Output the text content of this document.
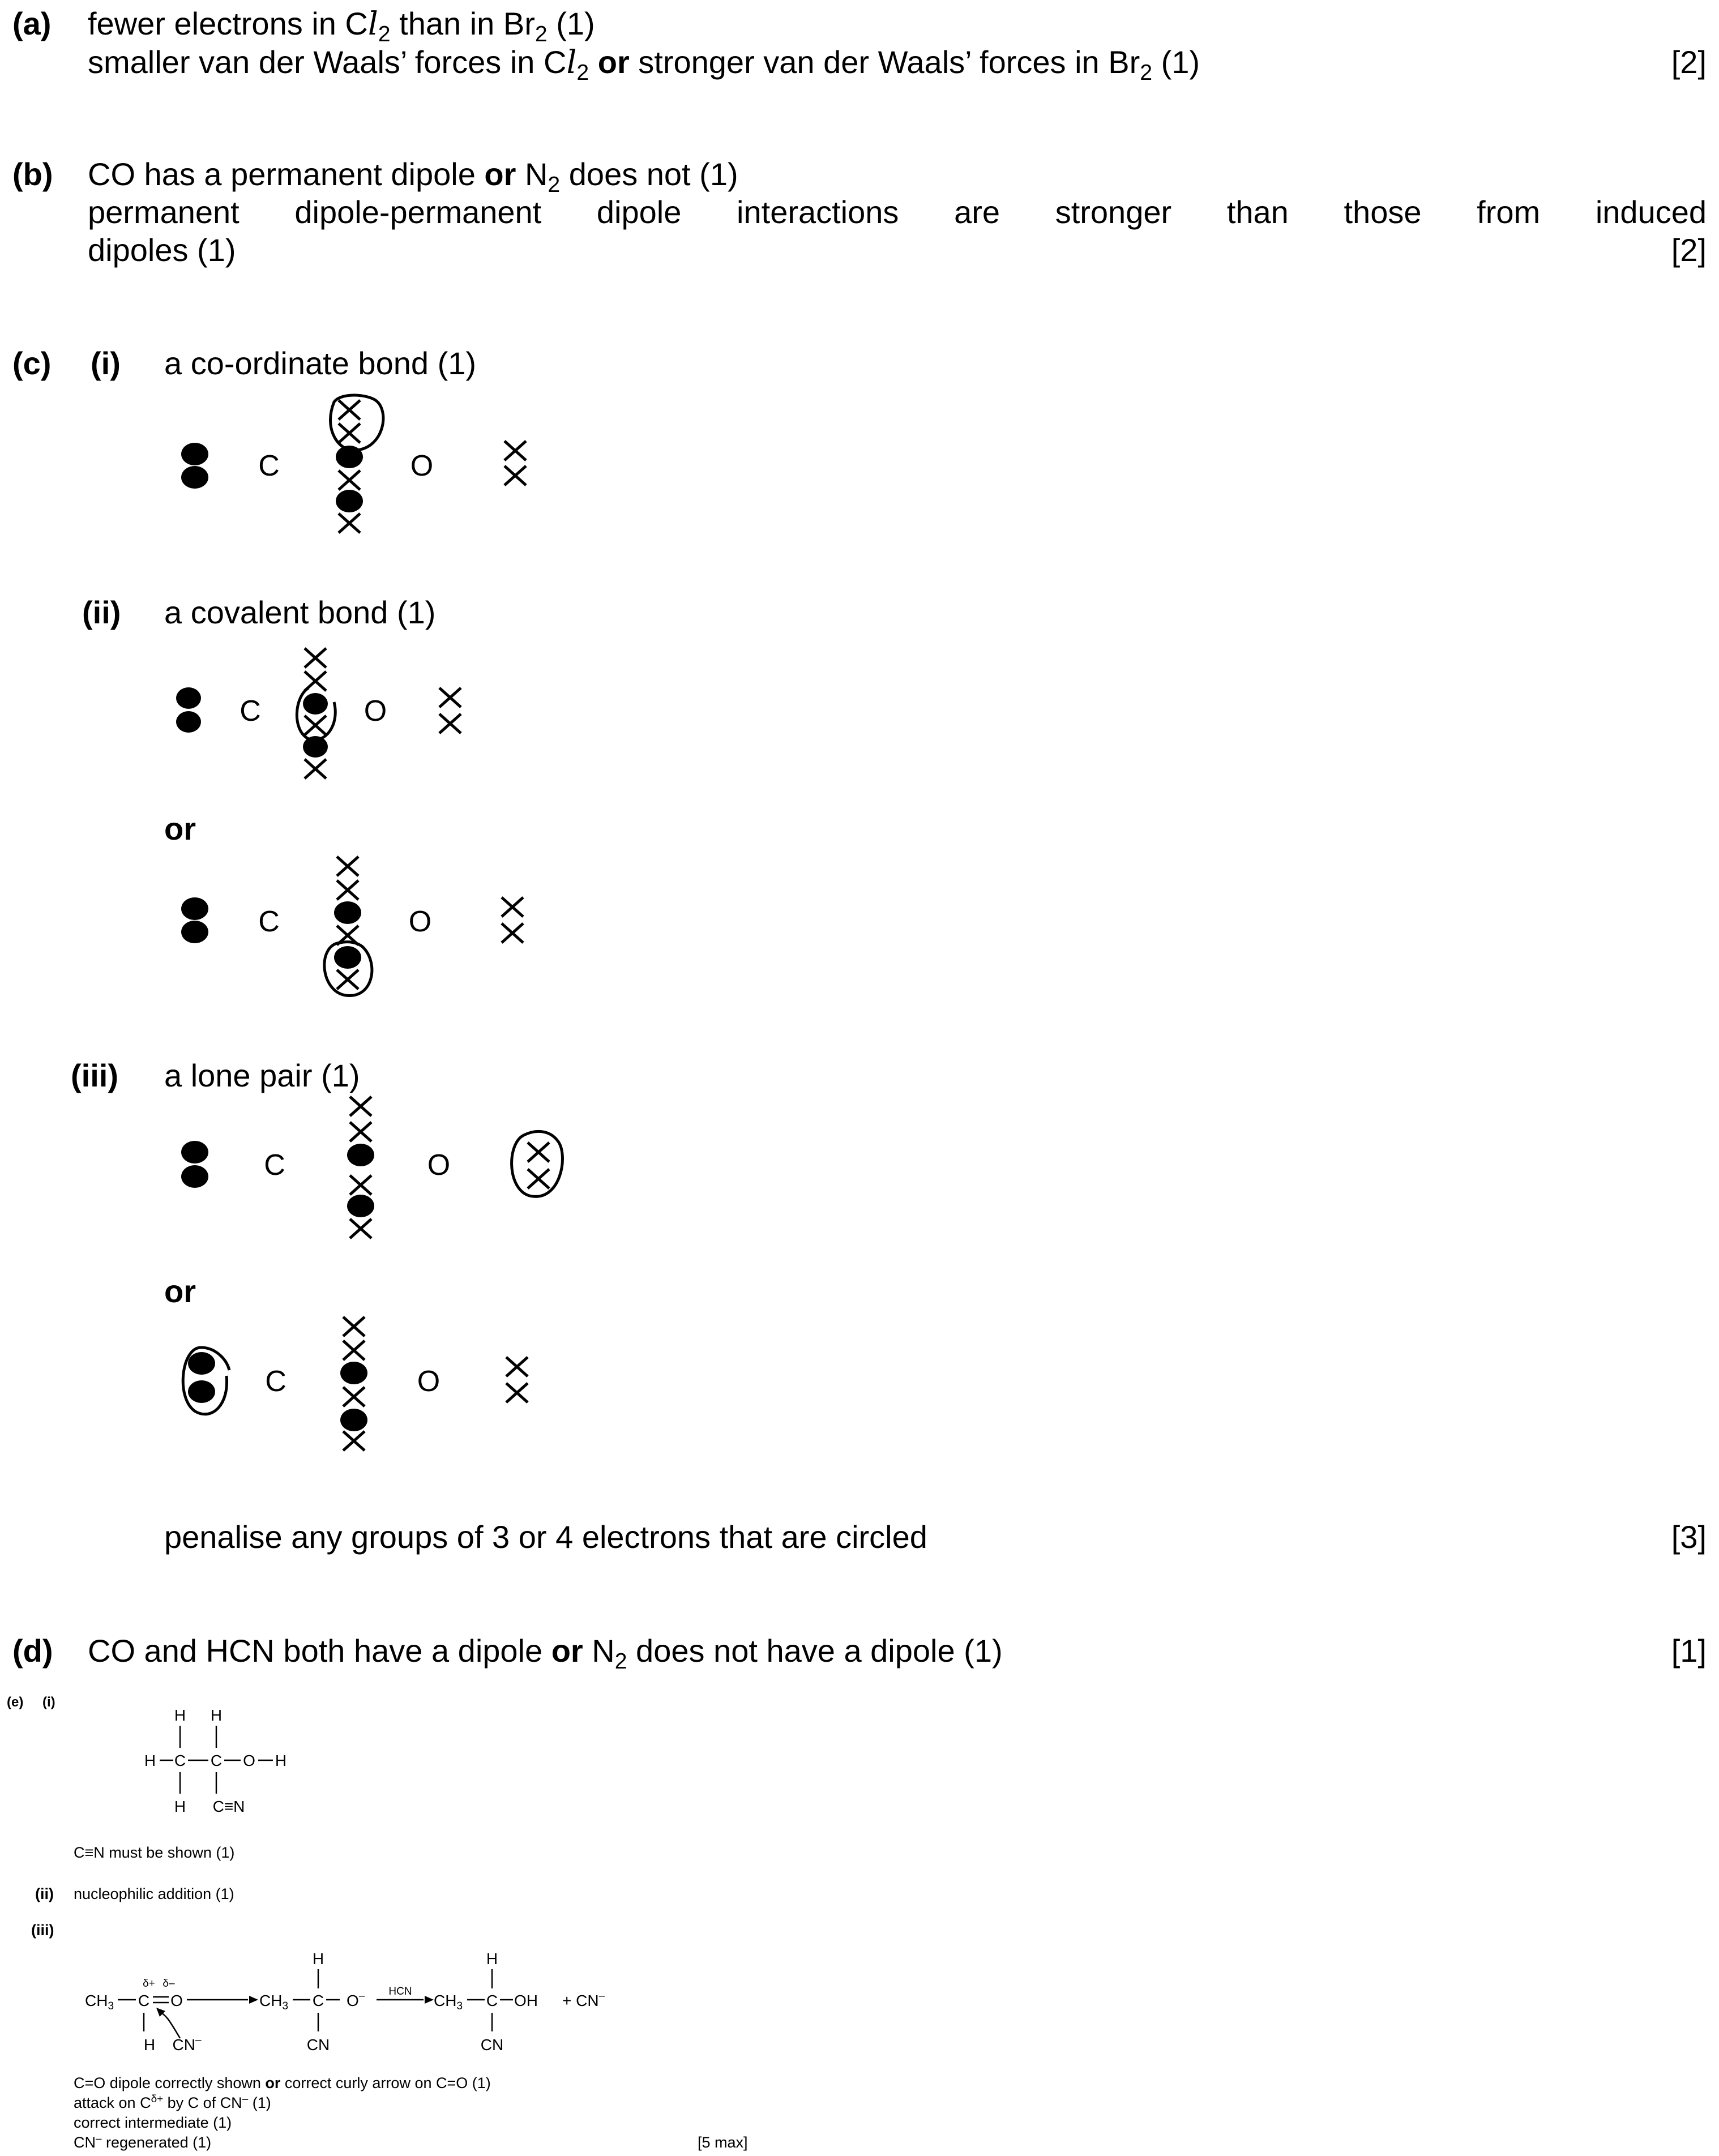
(a) fewer electrons in $Cl_2$ than in $Br_2$ (1)
smaller van der Waals’ forces in $Cl_2$ or stronger van der Waals’ forces in $Br_2$ (1)	[2]
(b) CO has a permanent dipole or $N_2$ does not (1)
permanent dipole-permanent dipole interactions are stronger than those from induced
dipoles (1)	[2]
(c) (i) a co-ordinate bond (1)
C	O
C	O
C	O
C	O
C	O
H H
H C C O H
H C≡N
$CH_3$ C
δ+ δ–
O
H CN–
$CH_3$ C O–
H
CN
HCN
$CH_3$ C OH
H
CN
+ CN–
(ii) a covalent bond (1)
or
(iii) a lone pair (1)
or
penalise any groups of 3 or 4 electrons that are circled	[3]
(d) CO and HCN both have a dipole or $N_2$ does not have a dipole (1)	[1]
(e) (i)
C≡N must be shown (1)
(ii) nucleophilic addition (1)
(iii)
C=O dipole correctly shown or correct curly arrow on C=O (1)
attack on $C^{\delta+}$ by C of CN– (1)
correct intermediate (1)
CN– regenerated (1)	[5 max]
